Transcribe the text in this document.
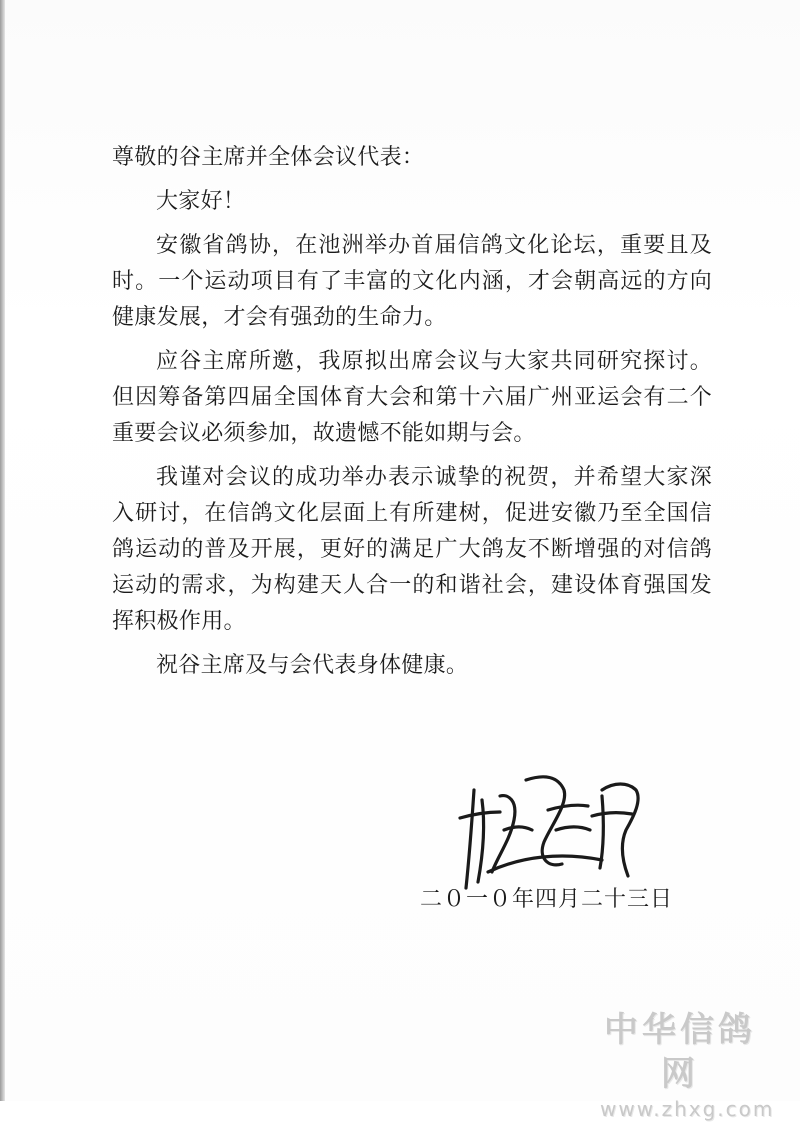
尊敬的谷主席并全体会议代表：

大家好！

安徽省鸽协，在池洲举办首届信鸽文化论坛，重要且及时。一个运动项目有了丰富的文化内涵，才会朝高远的方向健康发展，才会有强劲的生命力。

应谷主席所邀，我原拟出席会议与大家共同研究探讨。但因筹备第四届全国体育大会和第十六届广州亚运会有二个重要会议必须参加，故遗憾不能如期与会。

我谨对会议的成功举办表示诚挚的祝贺，并希望大家深入研讨，在信鸽文化层面上有所建树，促进安徽乃至全国信鸽运动的普及开展，更好的满足广大鸽友不断增强的对信鸽运动的需求，为构建天人合一的和谐社会，建设体育强国发挥积极作用。

祝谷主席及与会代表身体健康。

二０一０年四月二十三日
中华信鸽网
www.zhxg.com
